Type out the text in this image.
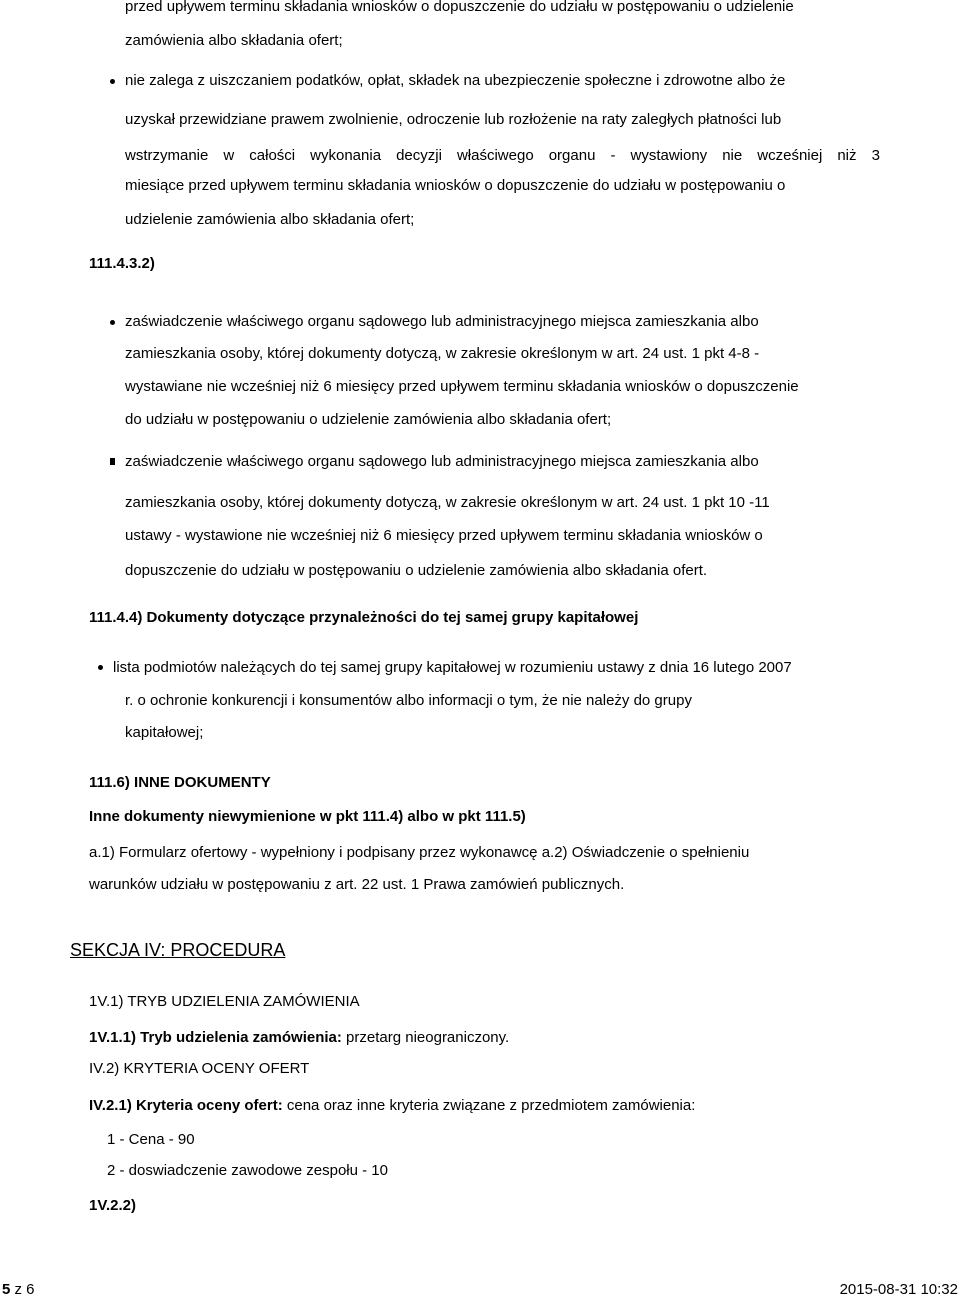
przed upływem terminu składania wniosków o dopuszczenie do udziału w postępowaniu o udzielenie
zamówienia albo składania ofert;
nie zalega z uiszczaniem podatków, opłat, składek na ubezpieczenie społeczne i zdrowotne albo że
uzyskał przewidziane prawem zwolnienie, odroczenie lub rozłożenie na raty zaległych płatności lub
wstrzymanie w całości wykonania decyzji właściwego organu - wystawiony nie wcześniej niż 3
miesiące przed upływem terminu składania wniosków o dopuszczenie do udziału w postępowaniu o
udzielenie zamówienia albo składania ofert;
111.4.3.2)
zaświadczenie właściwego organu sądowego lub administracyjnego miejsca zamieszkania albo
zamieszkania osoby, której dokumenty dotyczą, w zakresie określonym w art. 24 ust. 1 pkt 4-8 -
wystawiane nie wcześniej niż 6 miesięcy przed upływem terminu składania wniosków o dopuszczenie
do udziału w postępowaniu o udzielenie zamówienia albo składania ofert;
zaświadczenie właściwego organu sądowego lub administracyjnego miejsca zamieszkania albo
zamieszkania osoby, której dokumenty dotyczą, w zakresie określonym w art. 24 ust. 1 pkt 10 -11
ustawy - wystawione nie wcześniej niż 6 miesięcy przed upływem terminu składania wniosków o
dopuszczenie do udziału w postępowaniu o udzielenie zamówienia albo składania ofert.
111.4.4) Dokumenty dotyczące przynależności do tej samej grupy kapitałowej
lista podmiotów należących do tej samej grupy kapitałowej w rozumieniu ustawy z dnia 16 lutego 2007
r. o ochronie konkurencji i konsumentów albo informacji o tym, że nie należy do grupy
kapitałowej;
111.6) INNE DOKUMENTY
Inne dokumenty niewymienione w pkt 111.4) albo w pkt 111.5)
a.1) Formularz ofertowy - wypełniony i podpisany przez wykonawcę a.2) Oświadczenie o spełnieniu
warunków udziału w postępowaniu z art. 22 ust. 1 Prawa zamówień publicznych.
SEKCJA IV: PROCEDURA
1V.1) TRYB UDZIELENIA ZAMÓWIENIA
1V.1.1) Tryb udzielenia zamówienia: przetarg nieograniczony.
IV.2) KRYTERIA OCENY OFERT
IV.2.1) Kryteria oceny ofert: cena oraz inne kryteria związane z przedmiotem zamówienia:
1 - Cena - 90
2 - doswiadczenie zawodowe zespołu - 10
1V.2.2)
5 z 6	2015-08-31 10:32
